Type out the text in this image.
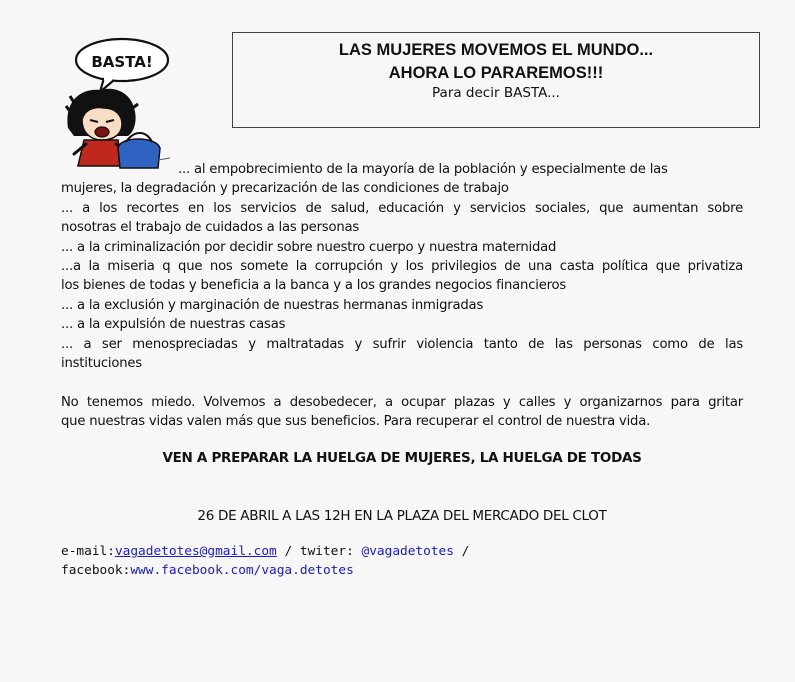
BASTA!
LAS MUJERES MOVEMOS EL MUNDO...
AHORA LO PARAREMOS!!!
Para decir BASTA...
... al empobrecimiento de la mayoría de la población y especialmente de las
mujeres, la degradación y precarización de las condiciones de trabajo
... a los recortes en los servicios de salud, educación y servicios sociales, que aumentan sobre
nosotras el trabajo de cuidados a las personas
... a la criminalización por decidir sobre nuestro cuerpo y nuestra maternidad
...a la miseria q que nos somete la corrupción y los privilegios de una casta política que privatiza
los bienes de todas y beneficia a la banca y a los grandes negocios financieros
... a la exclusión y marginación de nuestras hermanas inmigradas
... a la expulsión de nuestras casas
... a ser menospreciadas y maltratadas y sufrir violencia tanto de las personas como de las
instituciones
No tenemos miedo. Volvemos a desobedecer, a ocupar plazas y calles y organizarnos para gritar
que nuestras vidas valen más que sus beneficios. Para recuperar el control de nuestra vida.
VEN A PREPARAR LA HUELGA DE MUJERES, LA HUELGA DE TODAS
26 DE ABRIL A LAS 12H EN LA PLAZA DEL MERCADO DEL CLOT
e-mail:vagadetotes@gmail.com / twiter: @vagadetotes /
facebook:www.facebook.com/vaga.detotes
